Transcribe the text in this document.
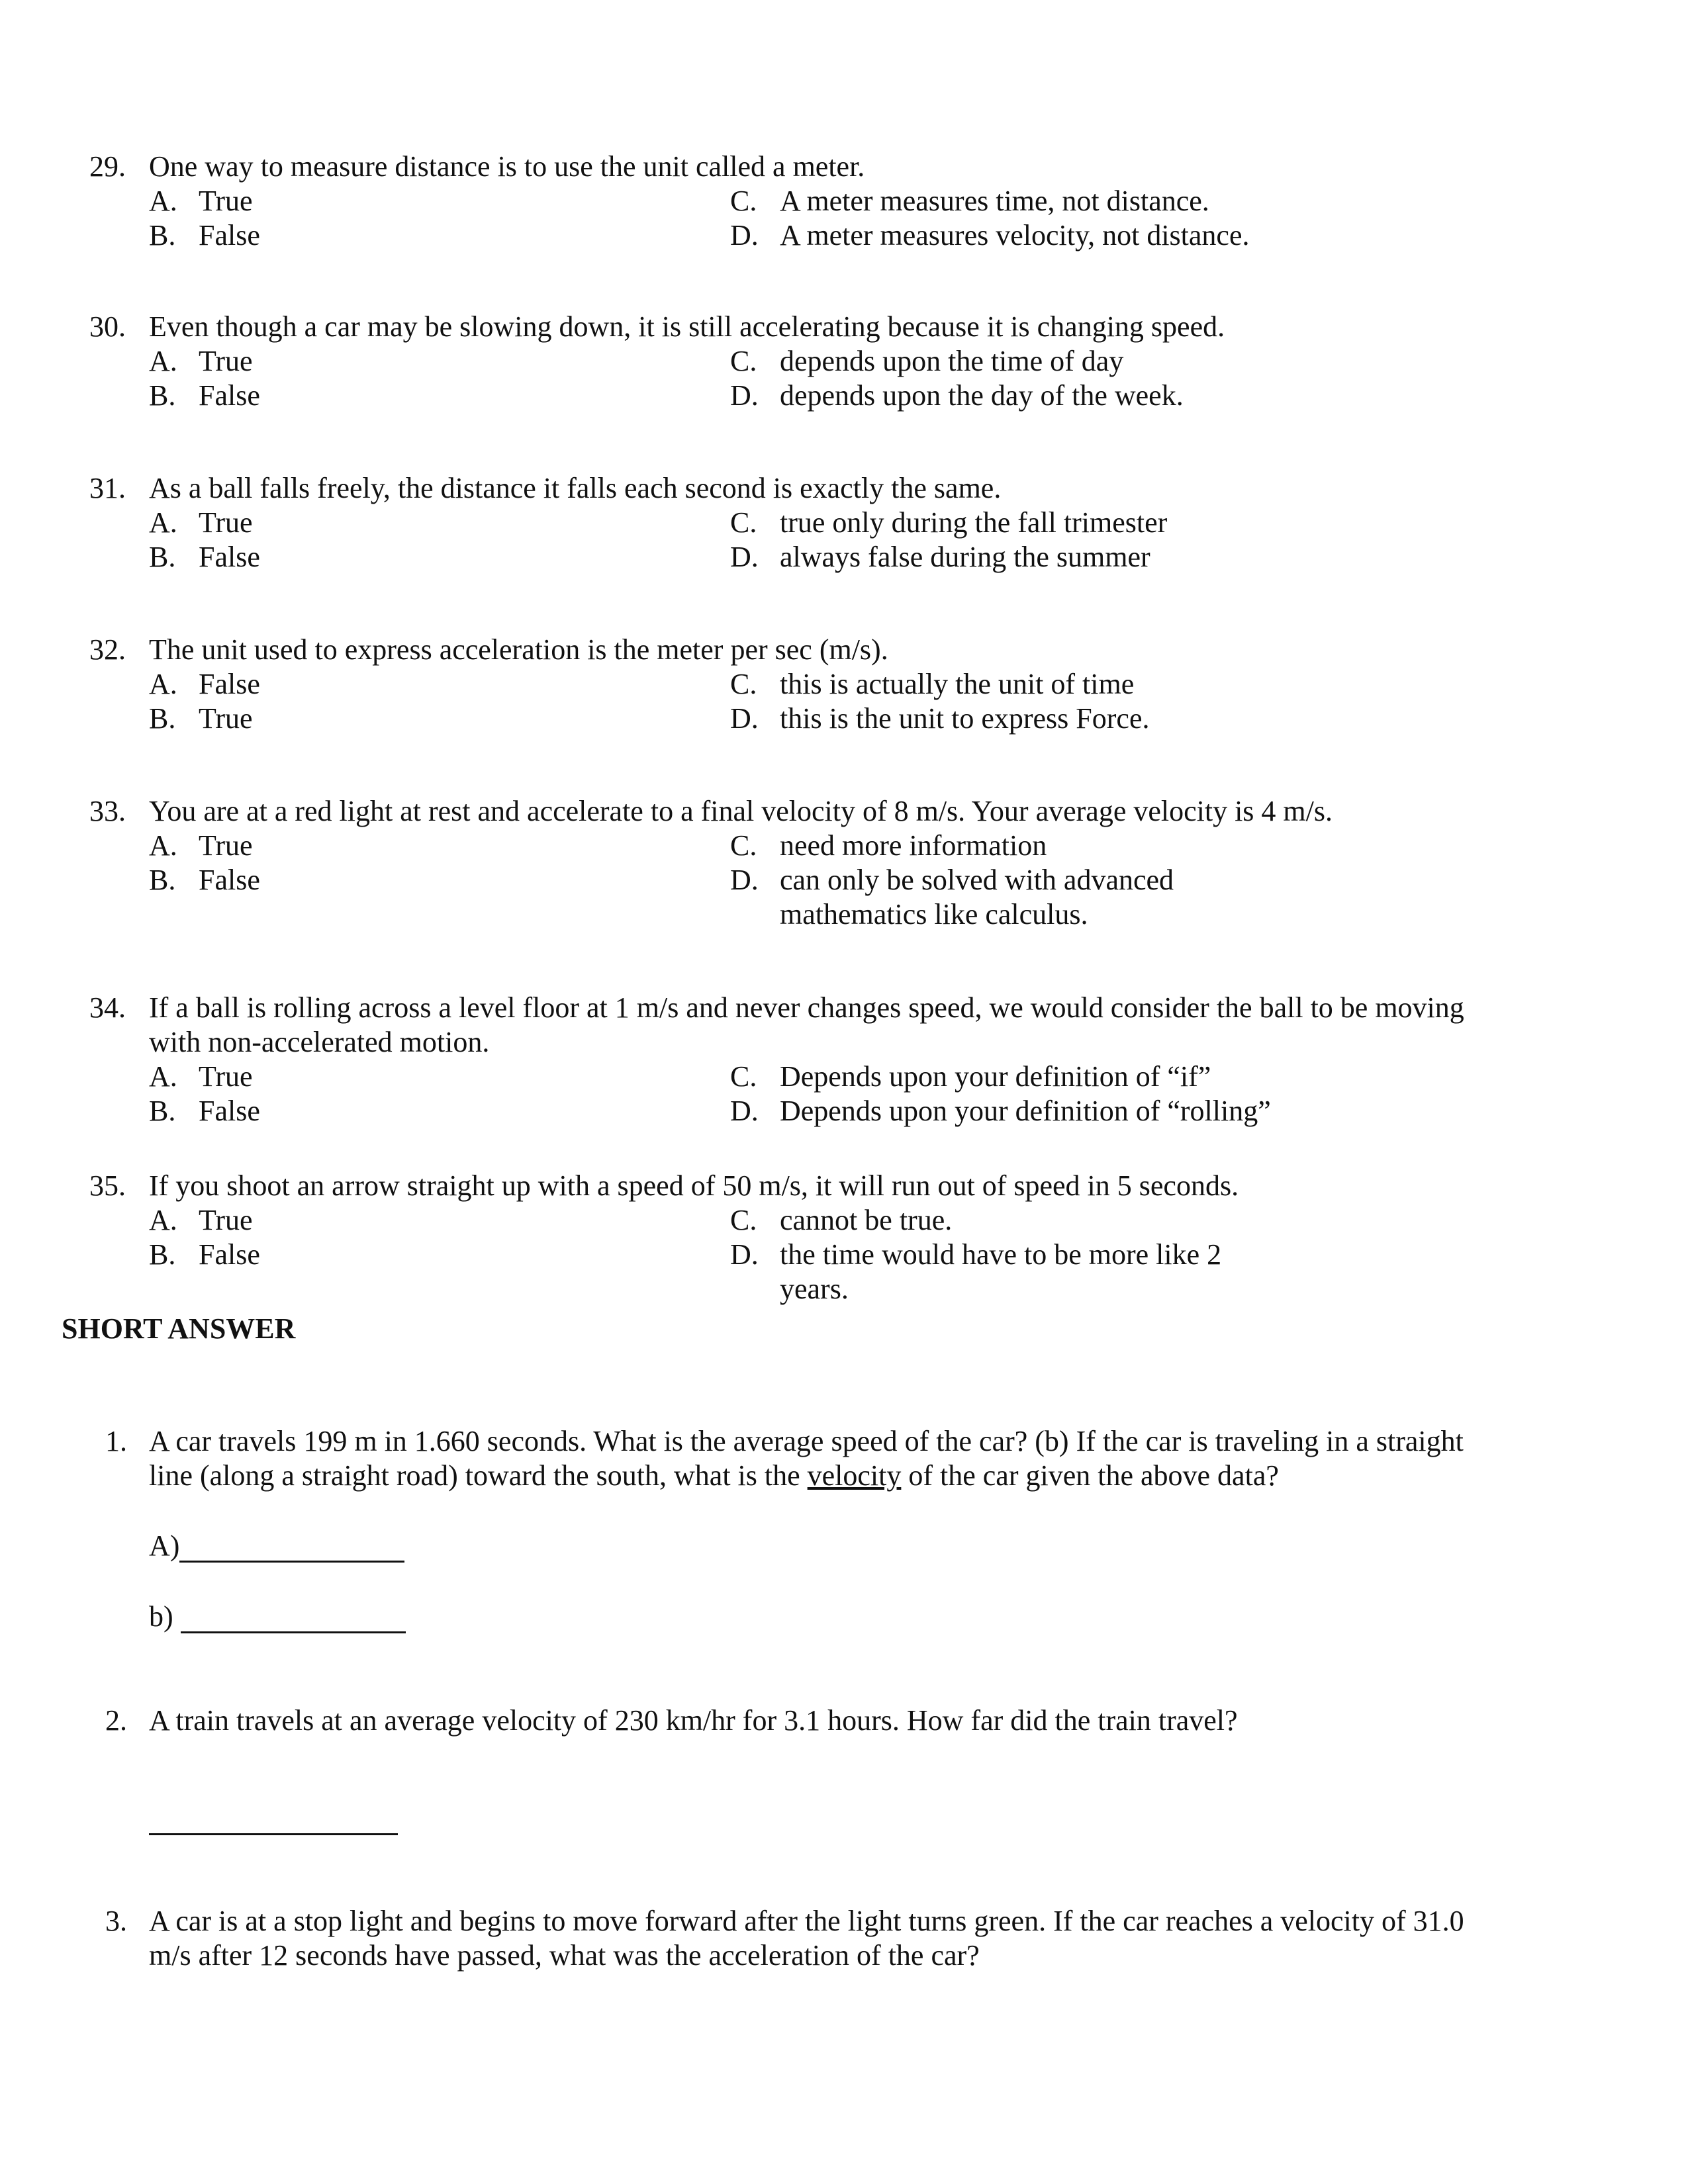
29. One way to measure distance is to use the unit called a meter.
A. True	C. A meter measures time, not distance.
B. False	D. A meter measures velocity, not distance.
30. Even though a car may be slowing down, it is still accelerating because it is changing speed.
A. True	C. depends upon the time of day
B. False	D. depends upon the day of the week.
31. As a ball falls freely, the distance it falls each second is exactly the same.
A. True	C. true only during the fall trimester
B. False	D. always false during the summer
32. The unit used to express acceleration is the meter per sec (m/s).
A. False	C. this is actually the unit of time
B. True	D. this is the unit to express Force.
33. You are at a red light at rest and accelerate to a final velocity of 8 m/s. Your average velocity is 4 m/s.
A. True	C. need more information
B. False	D. can only be solved with advanced
mathematics like calculus.
34. If a ball is rolling across a level floor at 1 m/s and never changes speed, we would consider the ball to be moving
with non-accelerated motion.
A. True	C. Depends upon your definition of “if”
B. False	D. Depends upon your definition of “rolling”
35. If you shoot an arrow straight up with a speed of 50 m/s, it will run out of speed in 5 seconds.
A. True	C. cannot be true.
B. False	D. the time would have to be more like 2
years.
SHORT ANSWER
1. A car travels 199 m in 1.660 seconds. What is the average speed of the car? (b) If the car is traveling in a straight
line (along a straight road) toward the south, what is the velocity of the car given the above data?
A)
b)
2. A train travels at an average velocity of 230 km/hr for 3.1 hours. How far did the train travel?
3. A car is at a stop light and begins to move forward after the light turns green. If the car reaches a velocity of 31.0
m/s after 12 seconds have passed, what was the acceleration of the car?
